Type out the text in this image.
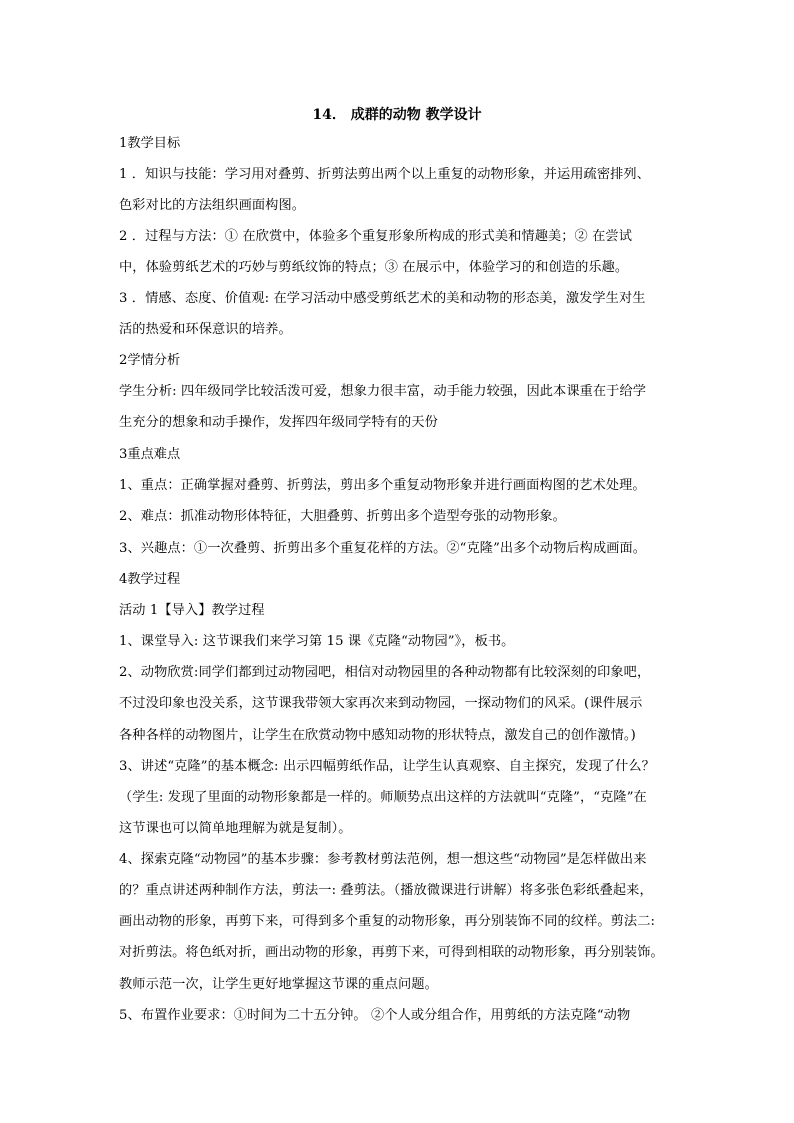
14． 成群的动物 教学设计
1教学目标
1 ．知识与技能：学习用对叠剪、折剪法剪出两个以上重复的动物形象，并运用疏密排列、
色彩对比的方法组织画面构图。
2 ．过程与方法：① 在欣赏中，体验多个重复形象所构成的形式美和情趣美；② 在尝试
中，体验剪纸艺术的巧妙与剪纸纹饰的特点；③ 在展示中，体验学习的和创造的乐趣。
3 ．情感、态度、价值观: 在学习活动中感受剪纸艺术的美和动物的形态美，激发学生对生
活的热爱和环保意识的培养。
2学情分析
学生分析: 四年级同学比较活泼可爱，想象力很丰富，动手能力较强，因此本课重在于给学
生充分的想象和动手操作，发挥四年级同学特有的天份
3重点难点
1、重点：正确掌握对叠剪、折剪法，剪出多个重复动物形象并进行画面构图的艺术处理。
2、难点：抓准动物形体特征，大胆叠剪、折剪出多个造型夸张的动物形象。
3、兴趣点：①一次叠剪、折剪出多个重复花样的方法。②“克隆”出多个动物后构成画面。
4教学过程
活动 1【导入】教学过程
1、课堂导入: 这节课我们来学习第 15 课《克隆“动物园”》，板书。
2、动物欣赏:同学们都到过动物园吧，相信对动物园里的各种动物都有比较深刻的印象吧，
不过没印象也没关系，这节课我带领大家再次来到动物园，一探动物们的风采。(课件展示
各种各样的动物图片，让学生在欣赏动物中感知动物的形状特点，激发自己的创作激情。)
3、讲述“克隆”的基本概念: 出示四幅剪纸作品，让学生认真观察、自主探究，发现了什么？
（学生: 发现了里面的动物形象都是一样的。师顺势点出这样的方法就叫“克隆”，“克隆”在
这节课也可以简单地理解为就是复制）。
4、探索克隆“动物园”的基本步骤：参考教材剪法范例，想一想这些“动物园”是怎样做出来
的？重点讲述两种制作方法，剪法一: 叠剪法。（播放微课进行讲解）将多张色彩纸叠起来，
画出动物的形象，再剪下来，可得到多个重复的动物形象，再分别装饰不同的纹样。剪法二:
对折剪法。将色纸对折，画出动物的形象，再剪下来，可得到相联的动物形象，再分别装饰。
教师示范一次，让学生更好地掌握这节课的重点问题。
5、布置作业要求：①时间为二十五分钟。 ②个人或分组合作，用剪纸的方法克隆“动物
